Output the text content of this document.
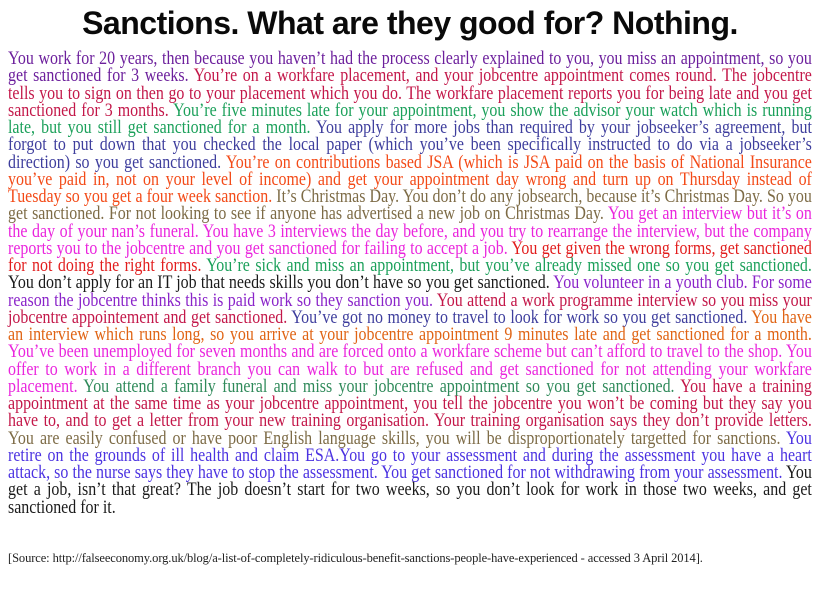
Sanctions. What are they good for? Nothing.

You work for 20 years, then because you haven’t had the process clearly explained to you, you miss an appointment, so you get sanctioned for 3 weeks. You’re on a workfare placement, and your jobcentre appointment comes round. The jobcentre tells you to sign on then go to your placement which you do. The workfare placement reports you for being late and you get sanctioned for 3 months. You’re five minutes late for your appointment, you show the advisor your watch which is running late, but you still get sanctioned for a month. You apply for more jobs than required by your jobseeker’s agreement, but forgot to put down that you checked the local paper (which you’ve been specifically instructed to do via a jobseeker’s direction) so you get sanctioned. You’re on contributions based JSA (which is JSA paid on the basis of National Insurance you’ve paid in, not on your level of income) and get your appointment day wrong and turn up on Thursday instead of Tuesday so you get a four week sanction. It’s Christmas Day. You don’t do any jobsearch, because it’s Christmas Day. So you get sanctioned. For not looking to see if anyone has advertised a new job on Christmas Day. You get an interview but it’s on the day of your nan’s funeral. You have 3 interviews the day before, and you try to rearrange the interview, but the company reports you to the jobcentre and you get sanctioned for failing to accept a job. You get given the wrong forms, get sanctioned for not doing the right forms. You’re sick and miss an appointment, but you’ve already missed one so you get sanctioned. You don’t apply for an IT job that needs skills you don’t have so you get sanctioned. You volunteer in a youth club. For some reason the jobcentre thinks this is paid work so they sanction you. You attend a work programme interview so you miss your jobcentre appointement and get sanctioned. You’ve got no money to travel to look for work so you get sanctioned. You have an interview which runs long, so you arrive at your jobcentre appointment 9 minutes late and get sanctioned for a month. You’ve been unemployed for seven months and are forced onto a workfare scheme but can’t afford to travel to the shop. You offer to work in a different branch you can walk to but are refused and get sanctioned for not attending your workfare placement. You attend a family funeral and miss your jobcentre appointment so you get sanctioned. You have a training appointment at the same time as your jobcentre appointment, you tell the jobcentre you won’t be coming but they say you have to, and to get a letter from your new training organisation. Your training organisation says they don’t provide letters. You are easily confused or have poor English language skills, you will be disproportionately targetted for sanctions. You retire on the grounds of ill health and claim ESA.You go to your assessment and during the assessment you have a heart attack, so the nurse says they have to stop the assessment. You get sanctioned for not withdrawing from your assessment. You get a job, isn’t that great? The job doesn’t start for two weeks, so you don’t look for work in those two weeks, and get sanctioned for it.

[Source: http://falseeconomy.org.uk/blog/a-list-of-completely-ridiculous-benefit-sanctions-people-have-experienced - accessed 3 April 2014].
